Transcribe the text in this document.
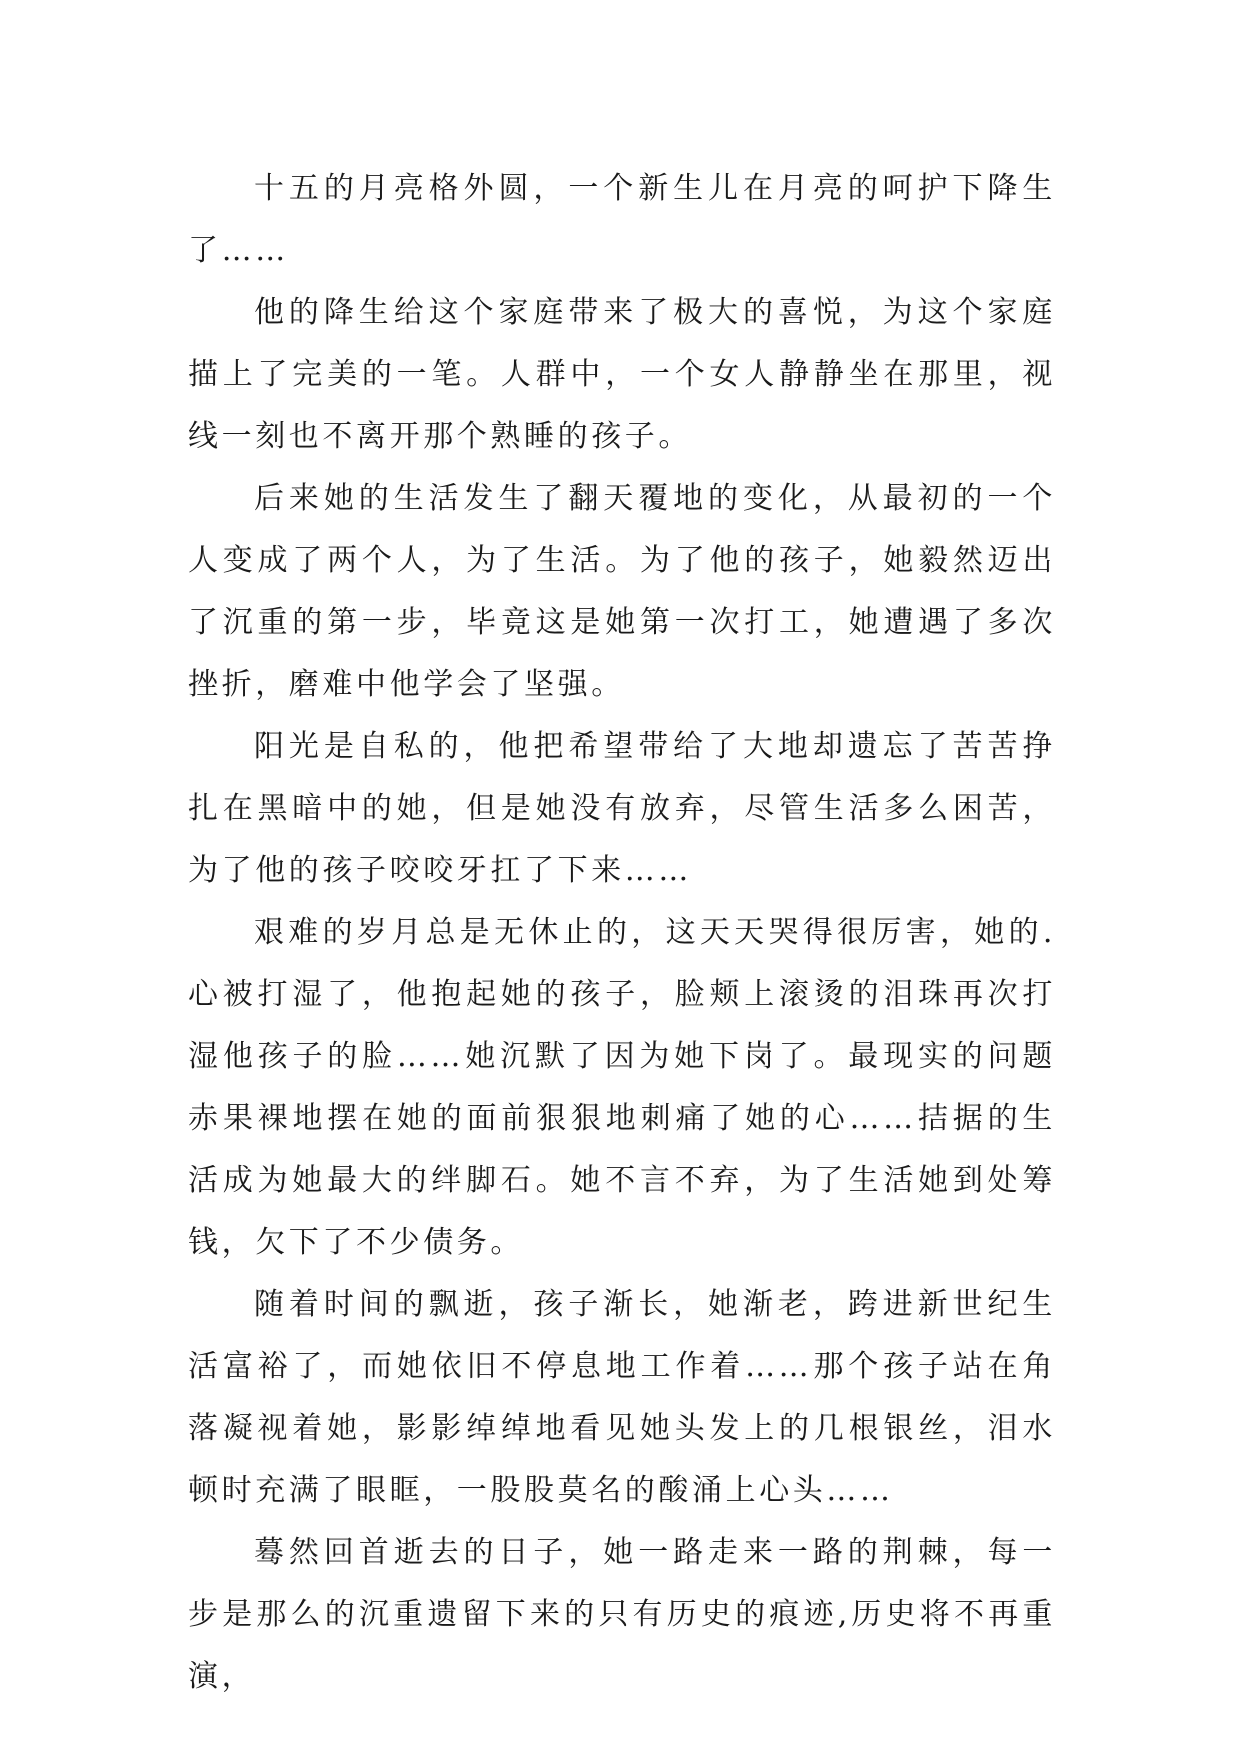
十五的月亮格外圆，一个新生儿在月亮的呵护下降生了……

他的降生给这个家庭带来了极大的喜悦，为这个家庭描上了完美的一笔。人群中，一个女人静静坐在那里，视线一刻也不离开那个熟睡的孩子。

后来她的生活发生了翻天覆地的变化，从最初的一个人变成了两个人，为了生活。为了他的孩子，她毅然迈出了沉重的第一步，毕竟这是她第一次打工，她遭遇了多次挫折，磨难中他学会了坚强。

阳光是自私的，他把希望带给了大地却遗忘了苦苦挣扎在黑暗中的她，但是她没有放弃，尽管生活多么困苦，为了他的孩子咬咬牙扛了下来……

艰难的岁月总是无休止的，这天天哭得很厉害，她的.心被打湿了，他抱起她的孩子，脸颊上滚烫的泪珠再次打湿他孩子的脸……她沉默了因为她下岗了。最现实的问题赤果裸地摆在她的面前狠狠地刺痛了她的心……拮据的生活成为她最大的绊脚石。她不言不弃，为了生活她到处筹钱，欠下了不少债务。

随着时间的飘逝，孩子渐长，她渐老，跨进新世纪生活富裕了，而她依旧不停息地工作着……那个孩子站在角落凝视着她，影影绰绰地看见她头发上的几根银丝，泪水顿时充满了眼眶，一股股莫名的酸涌上心头……

蓦然回首逝去的日子，她一路走来一路的荆棘，每一步是那么的沉重遗留下来的只有历史的痕迹,历史将不再重演，
